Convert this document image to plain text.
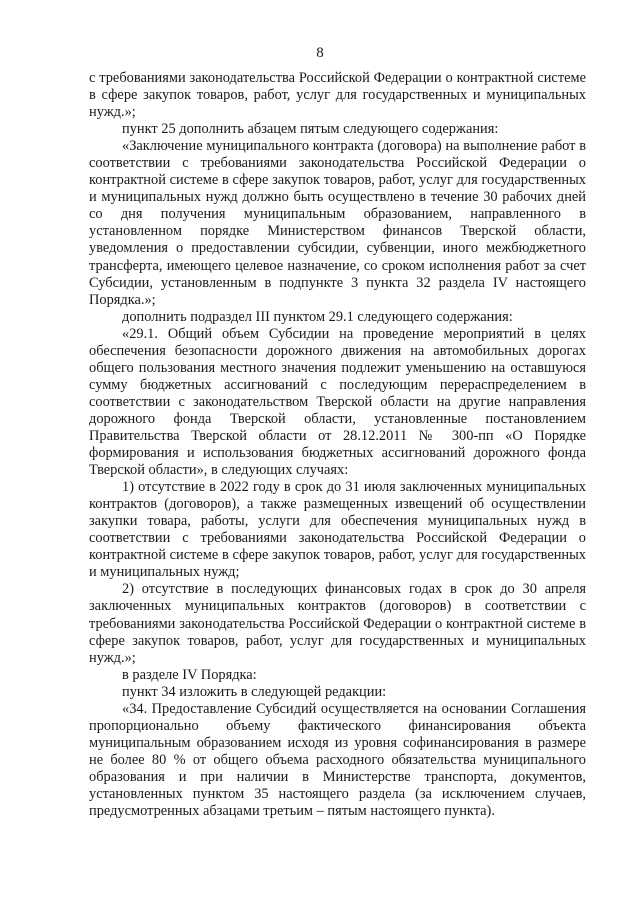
8

с требованиями законодательства Российской Федерации о контрактной системе в сфере закупок товаров, работ, услуг для государственных и муниципальных нужд.»;

пункт 25 дополнить абзацем пятым следующего содержания:

«Заключение муниципального контракта (договора) на выполнение работ в соответствии с требованиями законодательства Российской Федерации о контрактной системе в сфере закупок товаров, работ, услуг для государственных и муниципальных нужд должно быть осуществлено в течение 30 рабочих дней со дня получения муниципальным образованием, направленного в установленном порядке Министерством финансов Тверской области, уведомления о предоставлении субсидии, субвенции, иного межбюджетного трансферта, имеющего целевое назначение, со сроком исполнения работ за счет Субсидии, установленным в подпункте 3 пункта 32 раздела IV настоящего Порядка.»;

дополнить подраздел III пунктом 29.1 следующего содержания:

«29.1. Общий объем Субсидии на проведение мероприятий в целях обеспечения безопасности дорожного движения на автомобильных дорогах общего пользования местного значения подлежит уменьшению на оставшуюся сумму бюджетных ассигнований с последующим перераспределением в соответствии с законодательством Тверской области на другие направления дорожного фонда Тверской области, установленные постановлением Правительства Тверской области от 28.12.2011 № 300-пп «О Порядке формирования и использования бюджетных ассигнований дорожного фонда Тверской области», в следующих случаях:

1) отсутствие в 2022 году в срок до 31 июля заключенных муниципальных контрактов (договоров), а также размещенных извещений об осуществлении закупки товара, работы, услуги для обеспечения муниципальных нужд в соответствии с требованиями законодательства Российской Федерации о контрактной системе в сфере закупок товаров, работ, услуг для государственных и муниципальных нужд;

2) отсутствие в последующих финансовых годах в срок до 30 апреля заключенных муниципальных контрактов (договоров) в соответствии с требованиями законодательства Российской Федерации о контрактной системе в сфере закупок товаров, работ, услуг для государственных и муниципальных нужд.»;

в разделе IV Порядка:

пункт 34 изложить в следующей редакции:

«34. Предоставление Субсидий осуществляется на основании Соглашения пропорционально объему фактического финансирования объекта муниципальным образованием исходя из уровня софинансирования в размере не более 80 % от общего объема расходного обязательства муниципального образования и при наличии в Министерстве транспорта, документов, установленных пунктом 35 настоящего раздела (за исключением случаев, предусмотренных абзацами третьим – пятым настоящего пункта).
